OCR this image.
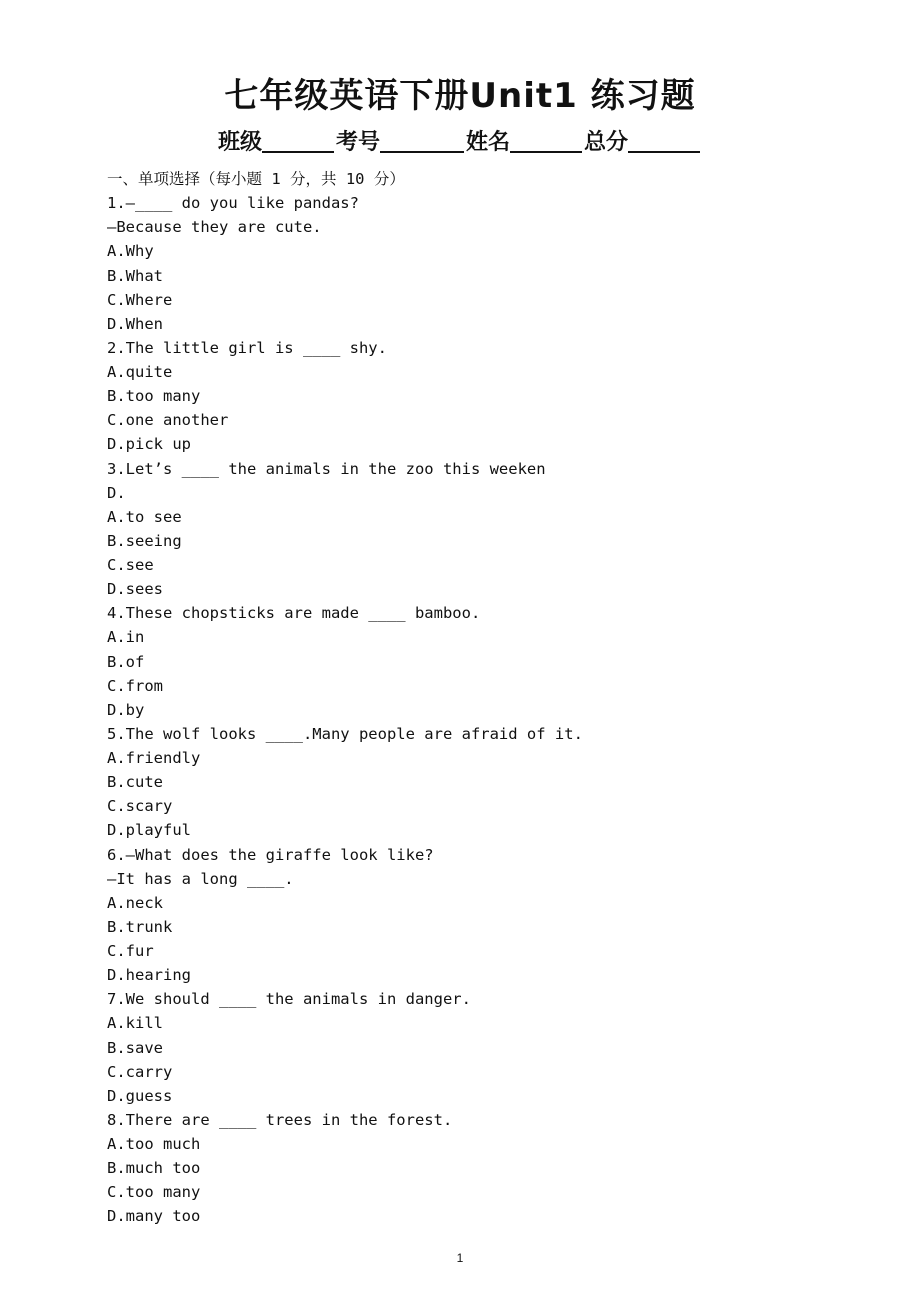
七年级英语下册Unit1 练习题
班级	考号	姓名	总分
一、单项选择（每小题 1 分，共 10 分）
1.—____ do you like pandas?
—Because they are cute.
A.Why
B.What
C.Where
D.When
2.The little girl is ____ shy.
A.quite
B.too many
C.one another
D.pick up
3.Let’s ____ the animals in the zoo this weeken
D.
A.to see
B.seeing
C.see
D.sees
4.These chopsticks are made ____ bamboo.
A.in
B.of
C.from
D.by
5.The wolf looks ____.Many people are afraid of it.
A.friendly
B.cute
C.scary
D.playful
6.—What does the giraffe look like?
—It has a long ____.
A.neck
B.trunk
C.fur
D.hearing
7.We should ____ the animals in danger.
A.kill
B.save
C.carry
D.guess
8.There are ____ trees in the forest.
A.too much
B.much too
C.too many
D.many too
1
